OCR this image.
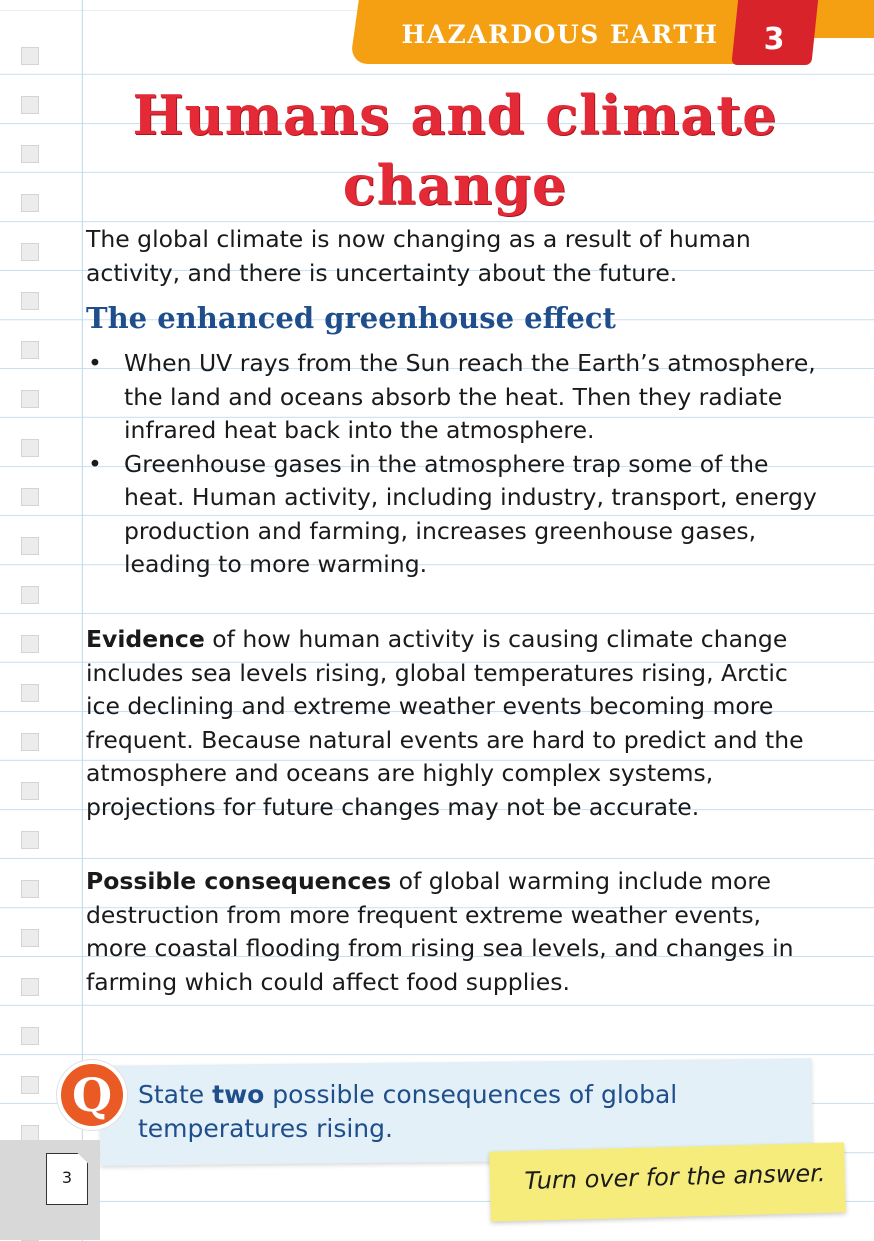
HAZARDOUS EARTH	3
Humans and climate change
The global climate is now changing as a result of human activity, and there is uncertainty about the future.
The enhanced greenhouse effect
• When UV rays from the Sun reach the Earth’s atmosphere, the land and oceans absorb the heat. Then they radiate infrared heat back into the atmosphere.
• Greenhouse gases in the atmosphere trap some of the heat. Human activity, including industry, transport, energy production and farming, increases greenhouse gases, leading to more warming.
Evidence of how human activity is causing climate change includes sea levels rising, global temperatures rising, Arctic ice declining and extreme weather events becoming more frequent. Because natural events are hard to predict and the atmosphere and oceans are highly complex systems, projections for future changes may not be accurate.
Possible consequences of global warming include more destruction from more frequent extreme weather events, more coastal flooding from rising sea levels, and changes in farming which could affect food supplies.
Q	State two possible consequences of global temperatures rising.
Turn over for the answer.
3
